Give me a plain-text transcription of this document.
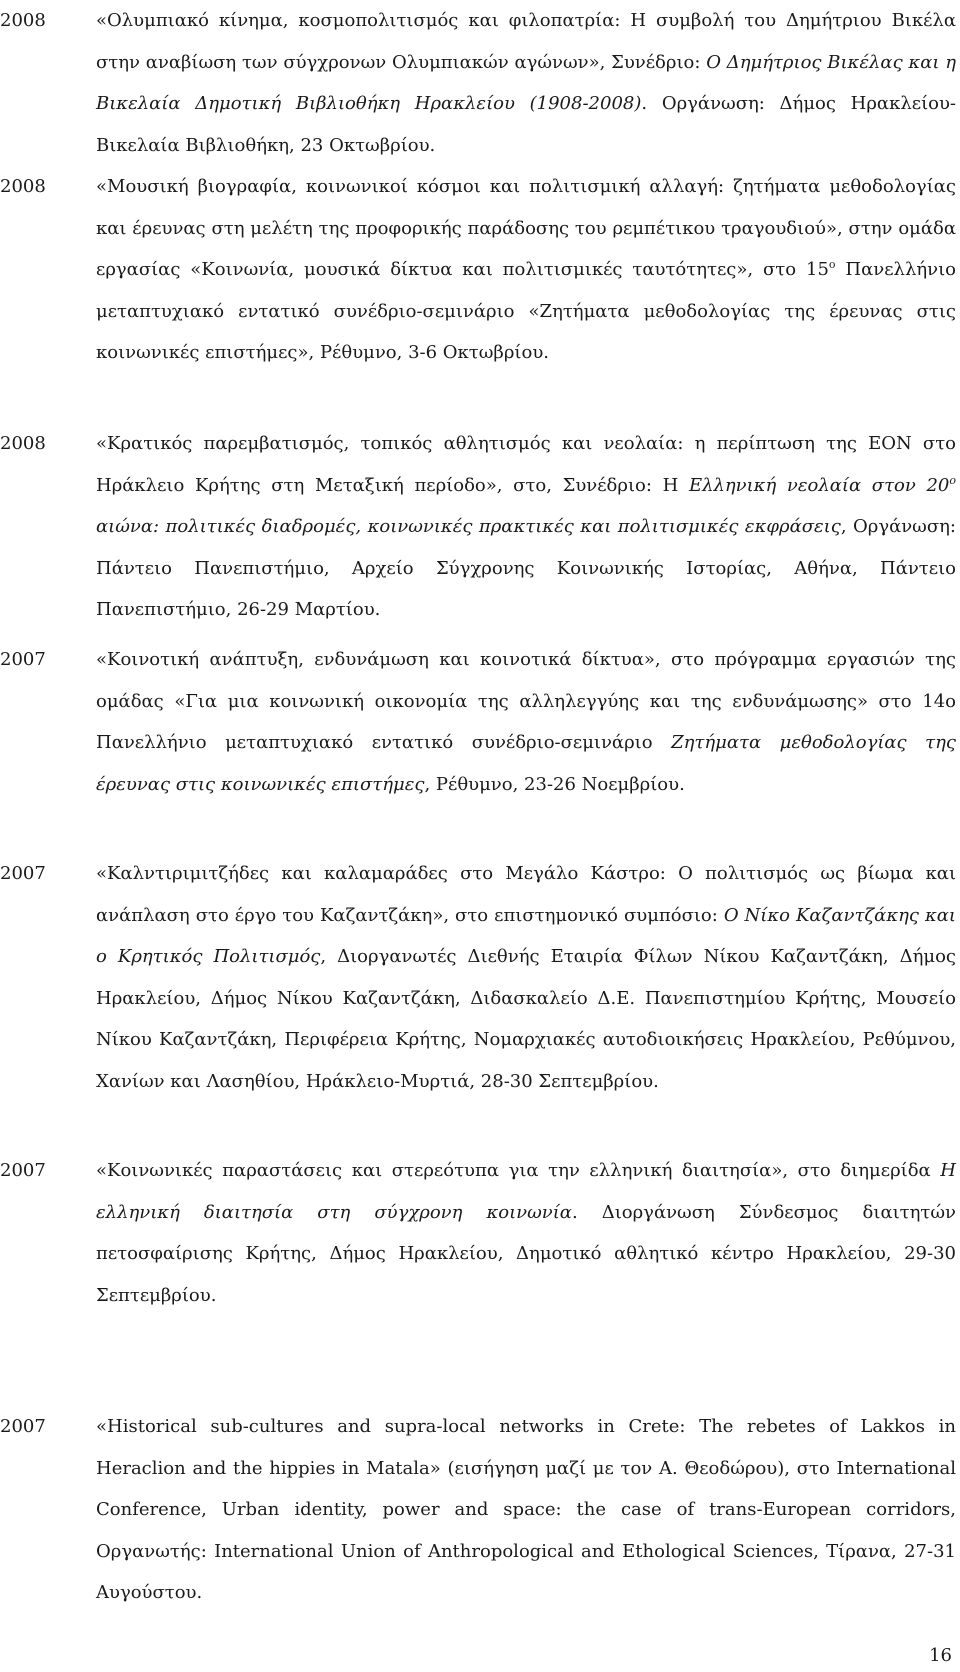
2008	«Ολυμπιακό κίνημα, κοσμοπολιτισμός και φιλοπατρία: Η συμβολή του Δημήτριου Βικέλα στην αναβίωση των σύγχρονων Ολυμπιακών αγώνων», Συνέδριο: Ο Δημήτριος Βικέλας και η Βικελαία Δημοτική Βιβλιοθήκη Ηρακλείου (1908-2008). Οργάνωση: Δήμος Ηρακλείου-Βικελαία Βιβλιοθήκη, 23 Οκτωβρίου.
2008	«Μουσική βιογραφία, κοινωνικοί κόσμοι και πολιτισμική αλλαγή: ζητήματα μεθοδολογίας και έρευνας στη μελέτη της προφορικής παράδοσης του ρεμπέτικου τραγουδιού», στην ομάδα εργασίας «Κοινωνία, μουσικά δίκτυα και πολιτισμικές ταυτότητες», στο $15^o$ Πανελλήνιο μεταπτυχιακό εντατικό συνέδριο-σεμινάριο «Ζητήματα μεθοδολογίας της έρευνας στις κοινωνικές επιστήμες», Ρέθυμνο, 3-6 Οκτωβρίου.
2008	«Κρατικός παρεμβατισμός, τοπικός αθλητισμός και νεολαία: η περίπτωση της ΕΟΝ στο Ηράκλειο Κρήτης στη Μεταξική περίοδο», στο, Συνέδριο: Η Ελληνική νεολαία στον $20^o$ αιώνα: πολιτικές διαδρομές, κοινωνικές πρακτικές και πολιτισμικές εκφράσεις, Οργάνωση: Πάντειο Πανεπιστήμιο, Αρχείο Σύγχρονης Κοινωνικής Ιστορίας, Αθήνα, Πάντειο Πανεπιστήμιο, 26-29 Μαρτίου.
2007	«Κοινοτική ανάπτυξη, ενδυνάμωση και κοινοτικά δίκτυα», στο πρόγραμμα εργασιών της ομάδας «Για μια κοινωνική οικονομία της αλληλεγγύης και της ενδυνάμωσης» στο 14ο Πανελλήνιο μεταπτυχιακό εντατικό συνέδριο-σεμινάριο Ζητήματα μεθοδολογίας της έρευνας στις κοινωνικές επιστήμες, Ρέθυμνο, 23-26 Νοεμβρίου.
2007	«Καλντιριμιτζήδες και καλαμαράδες στο Μεγάλο Κάστρο: Ο πολιτισμός ως βίωμα και ανάπλαση στο έργο του Καζαντζάκη», στο επιστημονικό συμπόσιο: Ο Νίκο Καζαντζάκης και ο Κρητικός Πολιτισμός, Διοργανωτές Διεθνής Εταιρία Φίλων Νίκου Καζαντζάκη, Δήμος Ηρακλείου, Δήμος Νίκου Καζαντζάκη, Διδασκαλείο Δ.Ε. Πανεπιστημίου Κρήτης, Μουσείο Νίκου Καζαντζάκη, Περιφέρεια Κρήτης, Νομαρχιακές αυτοδιοικήσεις Ηρακλείου, Ρεθύμνου, Χανίων και Λασηθίου, Ηράκλειο-Μυρτιά, 28-30 Σεπτεμβρίου.
2007	«Κοινωνικές παραστάσεις και στερεότυπα για την ελληνική διαιτησία», στο διημερίδα Η ελληνική διαιτησία στη σύγχρονη κοινωνία. Διοργάνωση Σύνδεσμος διαιτητών πετοσφαίρισης Κρήτης, Δήμος Ηρακλείου, Δημοτικό αθλητικό κέντρο Ηρακλείου, 29-30 Σεπτεμβρίου.
2007	«Historical sub-cultures and supra-local networks in Crete: The rebetes of Lakkos in Heraclion and the hippies in Matala» (εισήγηση μαζί με τον Α. Θεοδώρου), στο International Conference, Urban identity, power and space: the case of trans-European corridors, Οργανωτής: International Union of Anthropological and Ethological Sciences, Τίρανα, 27-31 Αυγούστου.
16
